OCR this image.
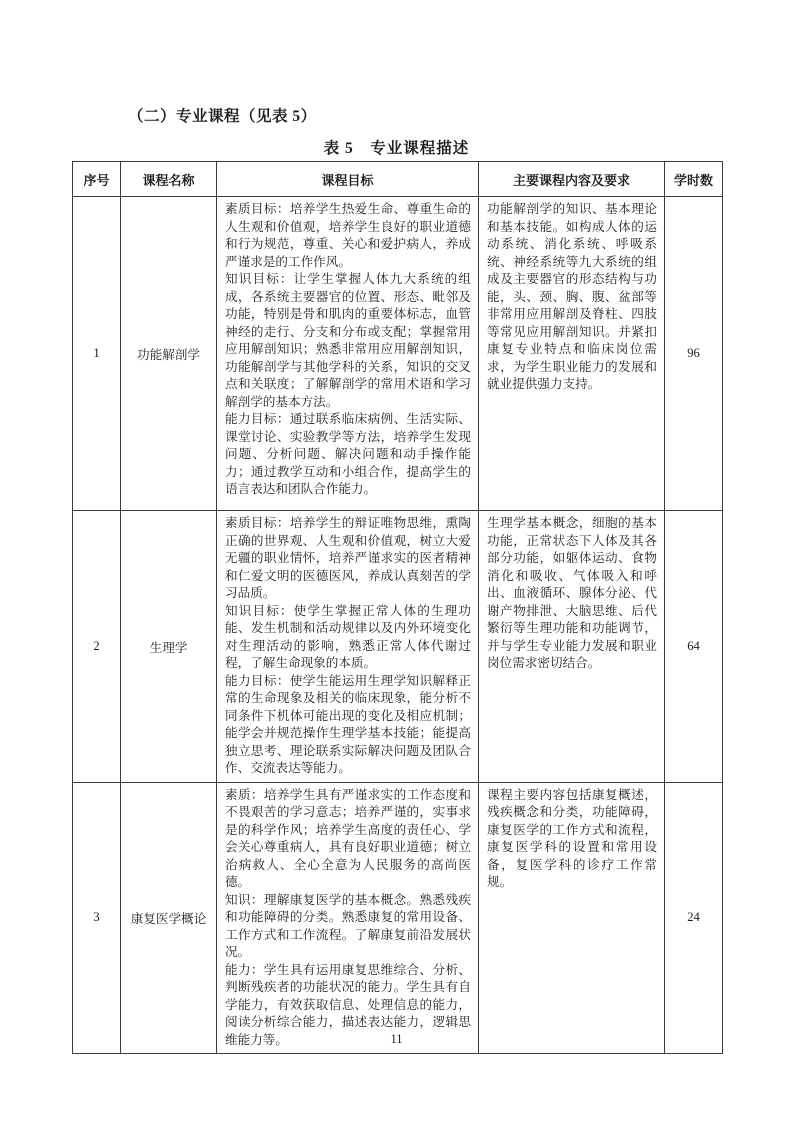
（二）专业课程（见表 5）
表 5　专业课程描述
序号	课程名称	课程目标	主要课程内容及要求	学时数
1	功能解剖学	素质目标：培养学生热爱生命、尊重生命的人生观和价值观，培养学生良好的职业道德和行为规范，尊重、关心和爱护病人，养成严谨求是的工作作风。

知识目标：让学生掌握人体九大系统的组成，各系统主要器官的位置、形态、毗邻及功能，特别是骨和肌肉的重要体标志，血管神经的走行、分支和分布或支配；掌握常用应用解剖知识；熟悉非常用应用解剖知识，功能解剖学与其他学科的关系，知识的交叉点和关联度；了解解剖学的常用术语和学习解剖学的基本方法。

能力目标：通过联系临床病例、生活实际、课堂讨论、实验教学等方法，培养学生发现问题、分析问题、解决问题和动手操作能力；通过教学互动和小组合作，提高学生的语言表达和团队合作能力。	功能解剖学的知识、基本理论和基本技能。如构成人体的运动系统、消化系统、呼吸系统、神经系统等九大系统的组成及主要器官的形态结构与功能，头、颈、胸、腹、盆部等非常用应用解剖及脊柱、四肢等常见应用解剖知识。并紧扣康复专业特点和临床岗位需求，为学生职业能力的发展和就业提供强力支持。	96
2	生理学	素质目标：培养学生的辩证唯物思维，熏陶正确的世界观、人生观和价值观，树立大爱无疆的职业情怀，培养严谨求实的医者精神和仁爱文明的医德医风，养成认真刻苦的学习品质。

知识目标：使学生掌握正常人体的生理功能、发生机制和活动规律以及内外环境变化对生理活动的影响，熟悉正常人体代谢过程，了解生命现象的本质。

能力目标：使学生能运用生理学知识解释正常的生命现象及相关的临床现象，能分析不同条件下机体可能出现的变化及相应机制；能学会并规范操作生理学基本技能；能提高独立思考、理论联系实际解决问题及团队合作、交流表达等能力。	生理学基本概念，细胞的基本功能，正常状态下人体及其各部分功能，如躯体运动、食物消化和吸收、气体吸入和呼出、血液循环、腺体分泌、代谢产物排泄、大脑思维、后代繁衍等生理功能和功能调节，并与学生专业能力发展和职业岗位需求密切结合。	64
3	康复医学概论	素质：培养学生具有严谨求实的工作态度和不畏艰苦的学习意志；培养严谨的，实事求是的科学作风；培养学生高度的责任心、学会关心尊重病人，具有良好职业道德；树立治病救人、全心全意为人民服务的高尚医德。

知识：理解康复医学的基本概念。熟悉残疾和功能障碍的分类。熟悉康复的常用设备、工作方式和工作流程。了解康复前沿发展状况。

能力：学生具有运用康复思维综合、分析、判断残疾者的功能状况的能力。学生具有自学能力，有效获取信息、处理信息的能力，阅读分析综合能力，描述表达能力，逻辑思维能力等。	课程主要内容包括康复概述，残疾概念和分类，功能障碍，康复医学的工作方式和流程，康复医学科的设置和常用设备，复医学科的诊疗工作常规。	24
11
